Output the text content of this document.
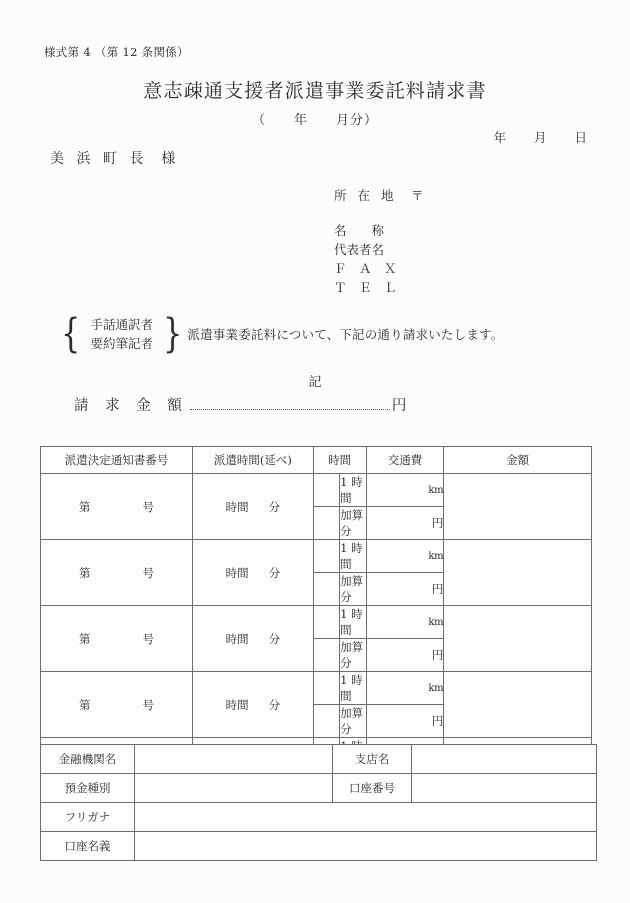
様式第 4 （第 12 条関係）
意志疎通支援者派遣事業委託料請求書
（　　年　　月分）
年 月 日
美 浜 町 長 様
所 在 地 〒
名　　称
代表者名
Ｆ　Ａ　Ｘ
Ｔ　Ｅ　Ｌ
{ 手話通訳者
要約筆記者 } 派遣事業委託料について、下記の通り請求いたします。
記
請 求 金 額	円
派遣決定通知書番号	派遣時間(延べ)	時間		交通費	金額
第 号	時間 分		1 時間	km	
			加算分	円	
第 号	時間 分		1 時間	km	
			加算分	円	
第 号	時間 分		1 時間	km	
			加算分	円	
第 号	時間 分		1 時間	km	
			加算分	円	

金融機関名		支店名	
預金種別		口座番号	
フリガナ			
口座名義			
